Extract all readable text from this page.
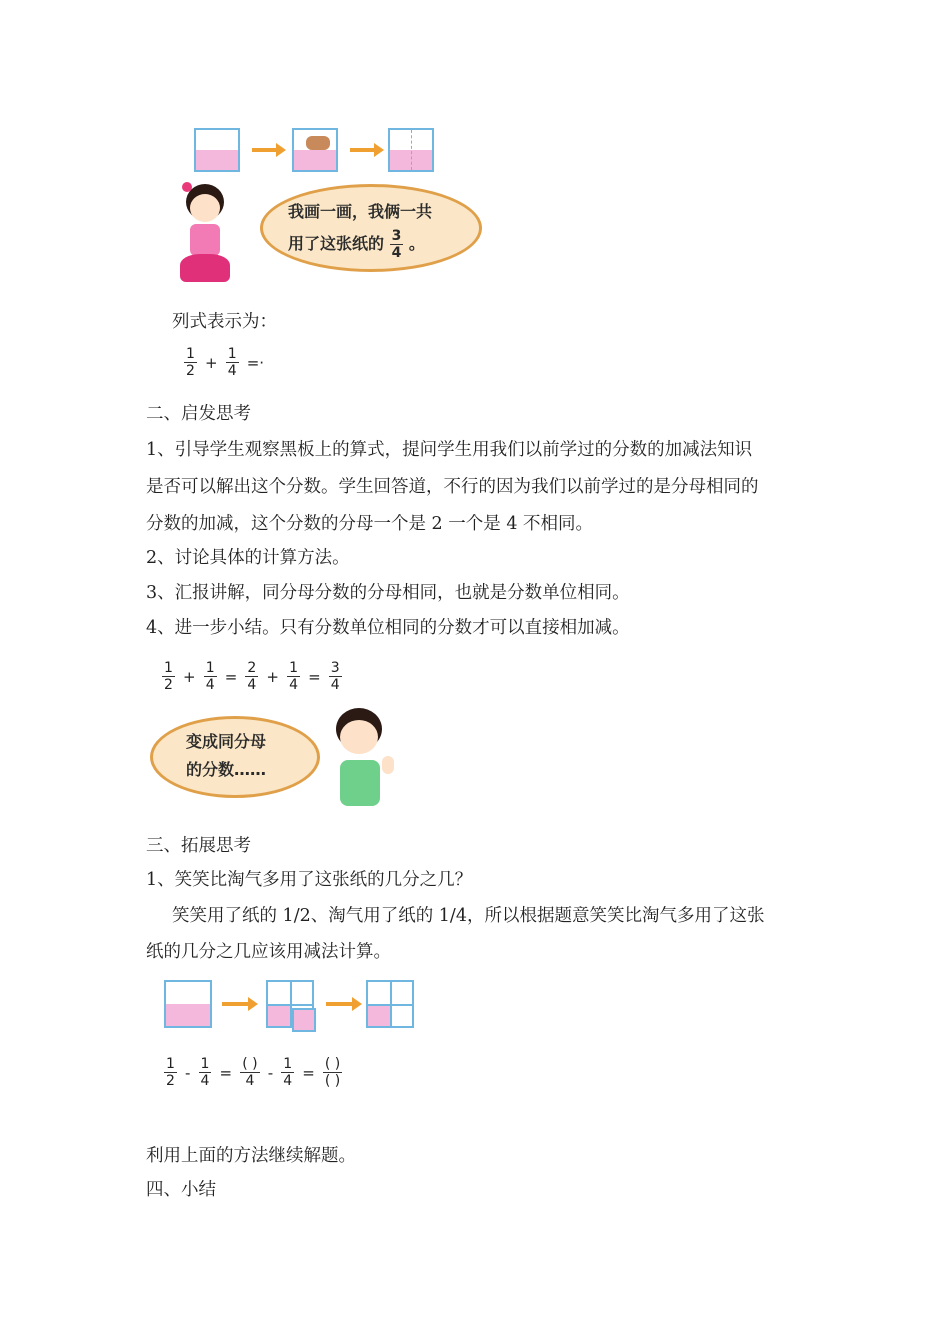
我画一画，我俩一共
用了这张纸的 $\frac{3}{4}$ 。
列式表示为：
$\frac{1}{2} + \frac{1}{4}$ =·
二、启发思考
1、引导学生观察黑板上的算式，提问学生用我们以前学过的分数的加减法知识
是否可以解出这个分数。学生回答道，不行的因为我们以前学过的是分母相同的
分数的加减，这个分数的分母一个是 2 一个是 4 不相同。
2、讨论具体的计算方法。
3、汇报讲解，同分母分数的分母相同，也就是分数单位相同。
4、进一步小结。只有分数单位相同的分数才可以直接相加减。
$\frac{1}{2} + \frac{1}{4} = \frac{2}{4} + \frac{1}{4} = \frac{3}{4}$
变成同分母
的分数……
三、拓展思考
1、笑笑比淘气多用了这张纸的几分之几？
笑笑用了纸的 1/2、淘气用了纸的 1/4，所以根据题意笑笑比淘气多用了这张
纸的几分之几应该用减法计算。
$\frac{1}{2} - \frac{1}{4} = \frac{( )}{4} - \frac{1}{4} = \frac{( )}{( )}$
利用上面的方法继续解题。
四、小结
